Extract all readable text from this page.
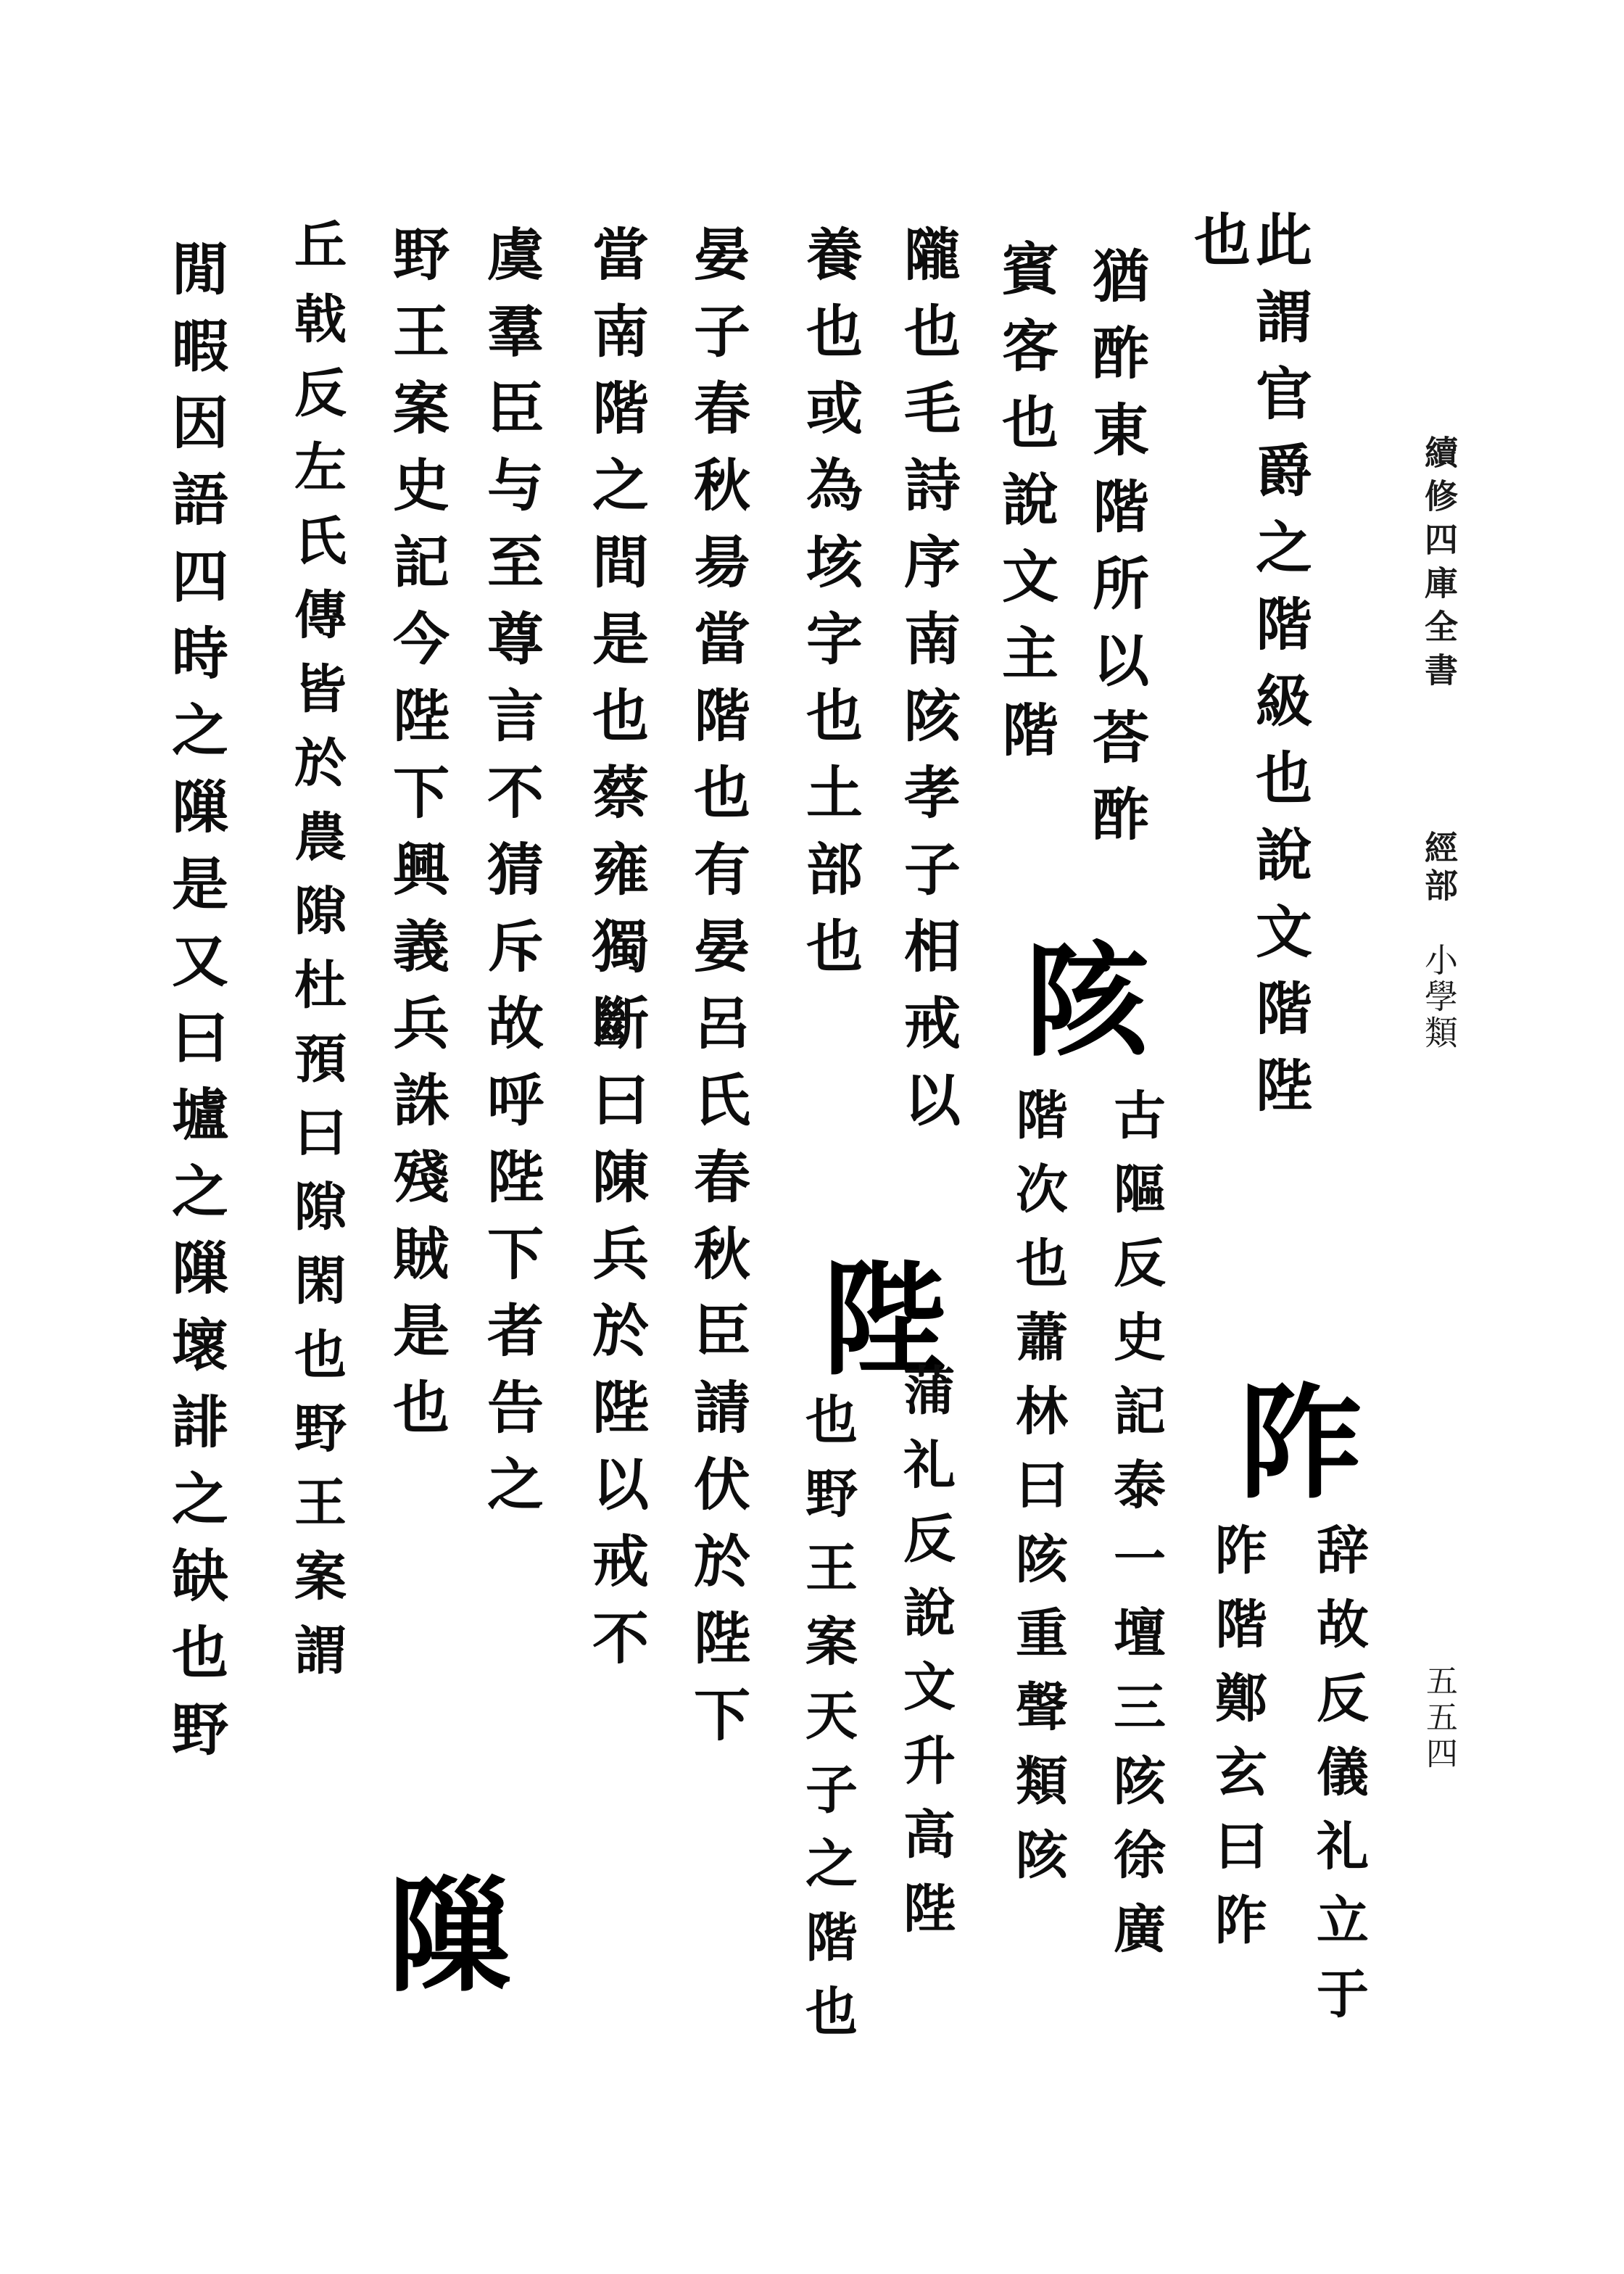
續修四庫全書
經部
小學類
五五四
此謂官爵之階級也說文階陛
也
猶酢東階所以荅酢
賓客也說文主階
阼
辞故反儀礼立于
阼階鄭玄曰阼
陔
古䧢反史記泰一壇三陔徐廣
階次也蕭林曰陔重聲類陔
隴也毛詩序南陔孝子相戒以
陛
蒲礼反說文升高陛
養也或為垓字也土部也
也野王案天子之階也
晏子春秋昜當階也有晏呂氏春秋臣請伏於陛下
當南階之間是也蔡雍獨斷曰陳兵於陛以戒不
虞羣臣与至尊言不猜斥故呼陛下者告之
野王案史記今陛下興義兵誅殘賊是也
隟
丘戟反左氏傳皆於農隙杜預曰隙閑也野王案謂
閒暇因語四時之隟是又曰壚之隟壞誹之缺也野
